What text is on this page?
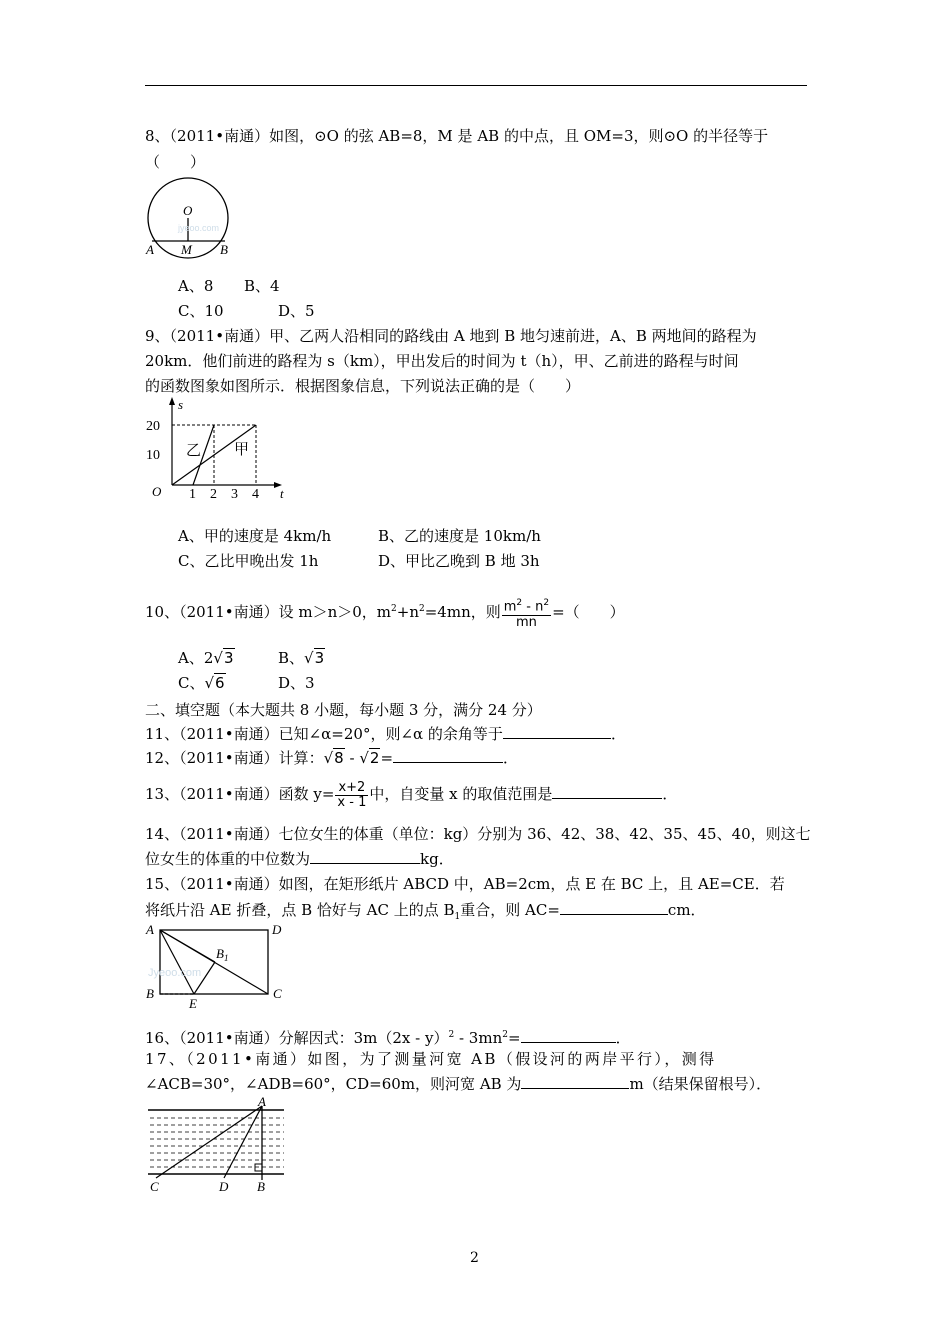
8、（2011•南通）如图，⊙O 的弦 AB=8，M 是 AB 的中点，且 OM=3，则⊙O 的半径等于
（　　）
O
jyeoo.com
A M B
A、8 B、4
C、10	D、5
9、（2011•南通）甲、乙两人沿相同的路线由 A 地到 B 地匀速前进，A、B 两地间的路程为
20km．他们前进的路程为 s（km），甲出发后的时间为 t（h），甲、乙前进的路程与时间
的函数图象如图所示．根据图象信息，下列说法正确的是（　　）
s
20
10
O 1 2 3 4 t
乙 甲
A、甲的速度是 4km/h	B、乙的速度是 10km/h
C、乙比甲晚出发 1h	D、甲比乙晚到 B 地 3h
10、（2011•南通）设 m＞n＞0，$m^2+n^2=4mn$，则 $\frac{m^2 - n^2}{mn}$ =（　　）
A、2√3	B、√3
C、√6	D、3
二、填空题（本大题共 8 小题，每小题 3 分，满分 24 分）
11、（2011•南通）已知∠α=20°，则∠α 的余角等于	．
12、（2011•南通）计算：√8 - √2=	．
13、（2011•南通）函数 $y= \frac{x+2}{x - 1}$ 中，自变量 x 的取值范围是	．
14、（2011•南通）七位女生的体重（单位：kg）分别为 36、42、38、42、35、45、40，则这七
位女生的体重的中位数为	kg．
15、（2011•南通）如图，在矩形纸片 ABCD 中，AB=2cm，点 E 在 BC 上，且 AE=CE．若
将纸片沿 AE 折叠，点 B 恰好与 AC 上的点 $B_1$重合，则 AC=	cm．
Jyeoo.com
A	D
$B_1$
B
E
C
16、（2011•南通）分解因式：$3m(2x - y)^2 - 3mn^2=$	．
17、（2011•南通）如图，为了测量河宽 AB（假设河的两岸平行），测得
∠ACB=30°，∠ADB=60°，CD=60m，则河宽 AB 为	m（结果保留根号）．
A
C	D B
2
